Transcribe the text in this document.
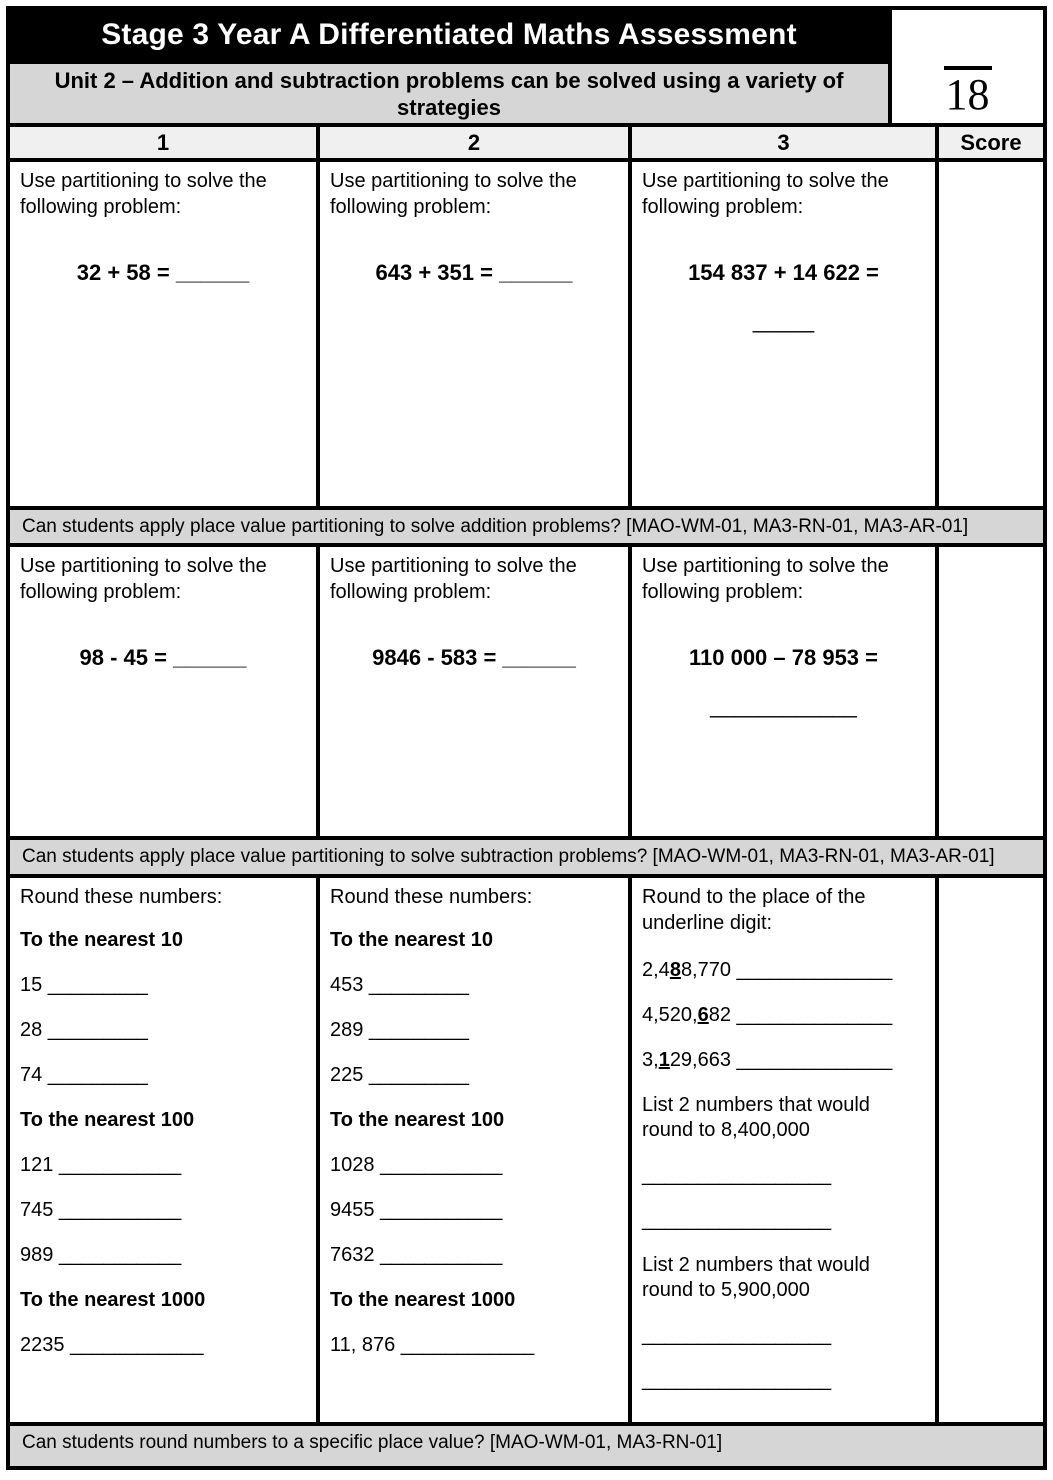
Stage 3 Year A Differentiated Maths Assessment
18
Unit 2 – Addition and subtraction problems can be solved using a variety of strategies
1	2	3	Score
Use partitioning to solve the following problem:
32 + 58 = ______
Use partitioning to solve the following problem:
643 + 351 = ______
Use partitioning to solve the following problem:
154 837 + 14 622 =
_____
Can students apply place value partitioning to solve addition problems? [MAO-WM-01, MA3-RN-01, MA3-AR-01]
Use partitioning to solve the following problem:
98 - 45 = ______
Use partitioning to solve the following problem:
9846 - 583 = ______
Use partitioning to solve the following problem:
110 000 – 78 953 =
____________
Can students apply place value partitioning to solve subtraction problems? [MAO-WM-01, MA3-RN-01, MA3-AR-01]
Round these numbers:
To the nearest 10
15 _________
28 _________
74 _________
To the nearest 100
121 ___________
745 ___________
989 ___________
To the nearest 1000
2235 ____________
Round these numbers:
To the nearest 10
453 _________
289 _________
225 _________
To the nearest 100
1028 ___________
9455 ___________
7632 ___________
To the nearest 1000
11, 876 ____________
Round to the place of the underline digit:
2,488,770 ______________
4,520,682 ______________
3,129,663 ______________
List 2 numbers that would round to 8,400,000
_________________
_________________
List 2 numbers that would round to 5,900,000
_________________
_________________
Can students round numbers to a specific place value? [MAO-WM-01, MA3-RN-01]
